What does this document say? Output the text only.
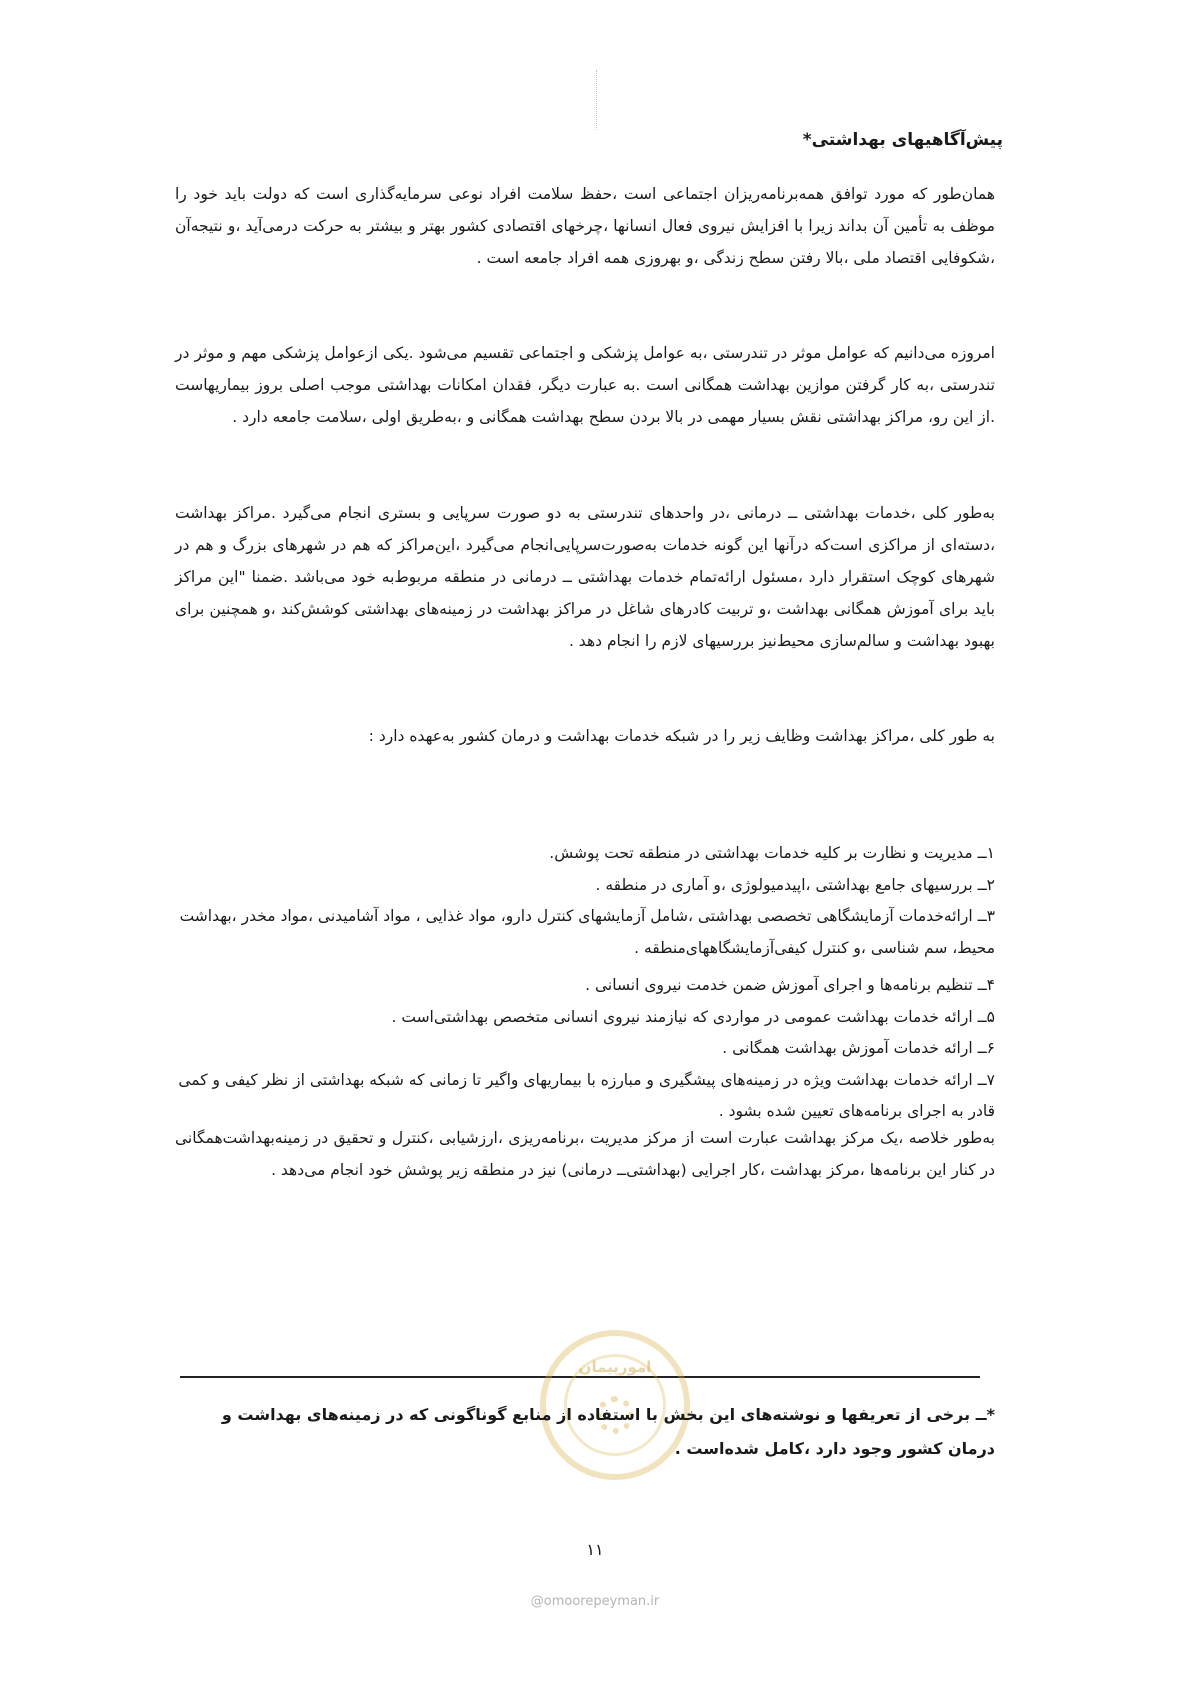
پیش‌آگاهیهای بهداشتی*

همان‌طور که مورد توافق همه‌برنامه‌ریزان اجتماعی است ،حفظ سلامت افراد نوعی سرمایه‌گذاری است که دولت باید خود را موظف به تأمین آن بداند زیرا با افزایش نیروی فعال انسانها ،چرخهای اقتصادی کشور بهتر و بیشتر به حرکت درمی‌آید ،و نتیجه‌آن ،شکوفایی اقتصاد ملی ،بالا رفتن سطح زندگی ،و بهروزی همه افراد جامعه است .

امروزه می‌دانیم که عوامل موثر در تندرستی ،به عوامل پزشکی و اجتماعی تقسیم می‌شود .یکی ازعوامل پزشکی مهم و موثر در تندرستی ،به کار گرفتن موازین بهداشت همگانی است .به عبارت دیگر، فقدان امکانات بهداشتی موجب اصلی بروز بیماریهاست .از این رو، مراکز بهداشتی نقش بسیار مهمی در بالا بردن سطح بهداشت همگانی و ،به‌طریق اولی ،سلامت جامعه دارد .

به‌طور کلی ،خدمات بهداشتی ــ درمانی ،در واحدهای تندرستی به دو صورت سرپایی و بستری انجام می‌گیرد .مراکز بهداشت ،دسته‌ای از مراکزی است‌که درآنها این گونه خدمات به‌صورت‌سرپایی‌انجام می‌گیرد ،این‌مراکز که هم در شهرهای بزرگ و هم در شهرهای کوچک استقرار دارد ،مسئول ارائه‌تمام خدمات بهداشتی ــ درمانی در منطقه مربوط‌به خود می‌باشد .ضمنا "این مراکز باید برای آموزش همگانی بهداشت ،و تربیت کادرهای شاغل در مراکز بهداشت در زمینه‌های بهداشتی کوشش‌کند ،و همچنین برای بهبود بهداشت و سالم‌سازی محیط‌نیز بررسیهای لازم را انجام دهد .

به طور کلی ،مراکز بهداشت وظایف زیر را در شبکه خدمات بهداشت و درمان کشور به‌عهده دارد :

۱ــ مدیریت و نظارت بر کلیه خدمات بهداشتی در منطقه تحت پوشش.
۲ــ بررسیهای جامع بهداشتی ،اپیدمیولوژی ،و آماری در منطقه .
۳ــ ارائه‌خدمات آزمایشگاهی تخصصی بهداشتی ،شامل آزمایشهای کنترل دارو، مواد غذایی ، مواد آشامیدنی ،مواد مخدر ،بهداشت محیط، سم شناسی ،و کنترل کیفی‌آزمایشگاههای‌منطقه .
۴ــ تنظیم برنامه‌ها و اجرای آموزش ضمن خدمت نیروی انسانی .
۵ــ ارائه خدمات بهداشت عمومی در مواردی که نیازمند نیروی انسانی متخصص بهداشتی‌است .
۶ــ ارائه خدمات آموزش بهداشت همگانی .
۷ــ ارائه خدمات بهداشت ویژه در زمینه‌های پیشگیری و مبارزه با بیماریهای واگیر تا زمانی که شبکه بهداشتی از نظر کیفی و کمی قادر به اجرای برنامه‌های تعیین شده بشود .

به‌طور خلاصه ،یک مرکز بهداشت عبارت است از مرکز مدیریت ،برنامه‌ریزی ،ارزشیابی ،کنترل و تحقیق در زمینه‌بهداشت‌همگانی در کنار این برنامه‌ها ،مرکز بهداشت ،کار اجرایی (بهداشتی‌ــ درمانی) نیز در منطقه‌ زیر پوشش خود انجام می‌دهد .

امورپیمان
*ــ برخی از تعریفها و نوشته‌های این بخش با استفاده از منابع گوناگونی که در زمینه‌های بهداشت و درمان کشور وجود دارد ،کامل شده‌است .
۱۱
@omoorepeyman.ir
